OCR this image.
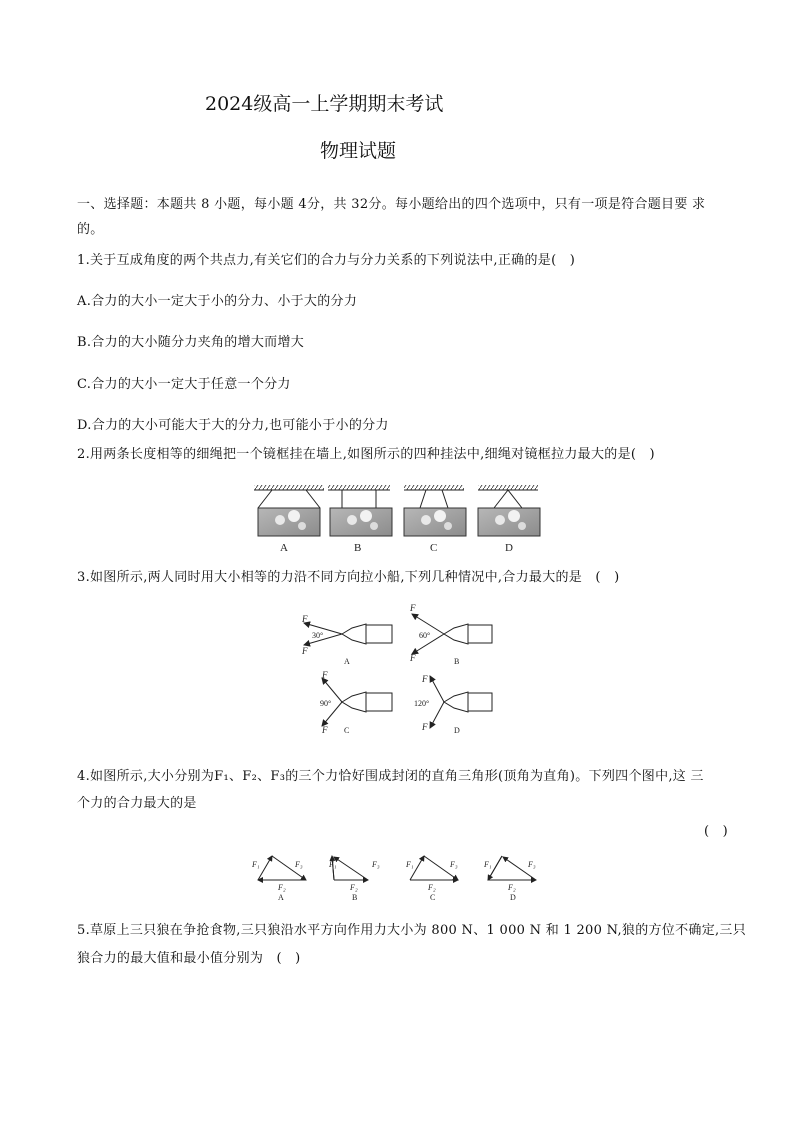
2024级高一上学期期末考试
物理试题
一、选择题：本题共 8 小题，每小题 4分，共 32分。每小题给出的四个选项中，只有一项是符合题目要 求
的。
1.关于互成角度的两个共点力,有关它们的合力与分力关系的下列说法中,正确的是(　)
A.合力的大小一定大于小的分力、小于大的分力
B.合力的大小随分力夹角的增大而增大
C.合力的大小一定大于任意一个分力
D.合力的大小可能大于大的分力,也可能小于小的分力
2.用两条长度相等的细绳把一个镜框挂在墙上,如图所示的四种挂法中,细绳对镜框拉力最大的是(　)
A	B	C	D
3.如图所示,两人同时用大小相等的力沿不同方向拉小船,下列几种情况中,合力最大的是　(　)
F
F
30°
A
F
F
60°
B
F
F
90°
C
F
F
120°
D
4.如图所示,大小分别为F₁、F₂、F₃的三个力恰好围成封闭的直角三角形(顶角为直角)。下列四个图中,这 三
个力的合力最大的是
(　)
F₁	F₃
F₂
A
F₁	F₃
F₂
B
F₁	F₃
F₂
C
F₁	F₃
F₂
D
5.草原上三只狼在争抢食物,三只狼沿水平方向作用力大小为 800 N、1 000 N 和 1 200 N,狼的方位不确定,三只
狼合力的最大值和最小值分别为　(　)
